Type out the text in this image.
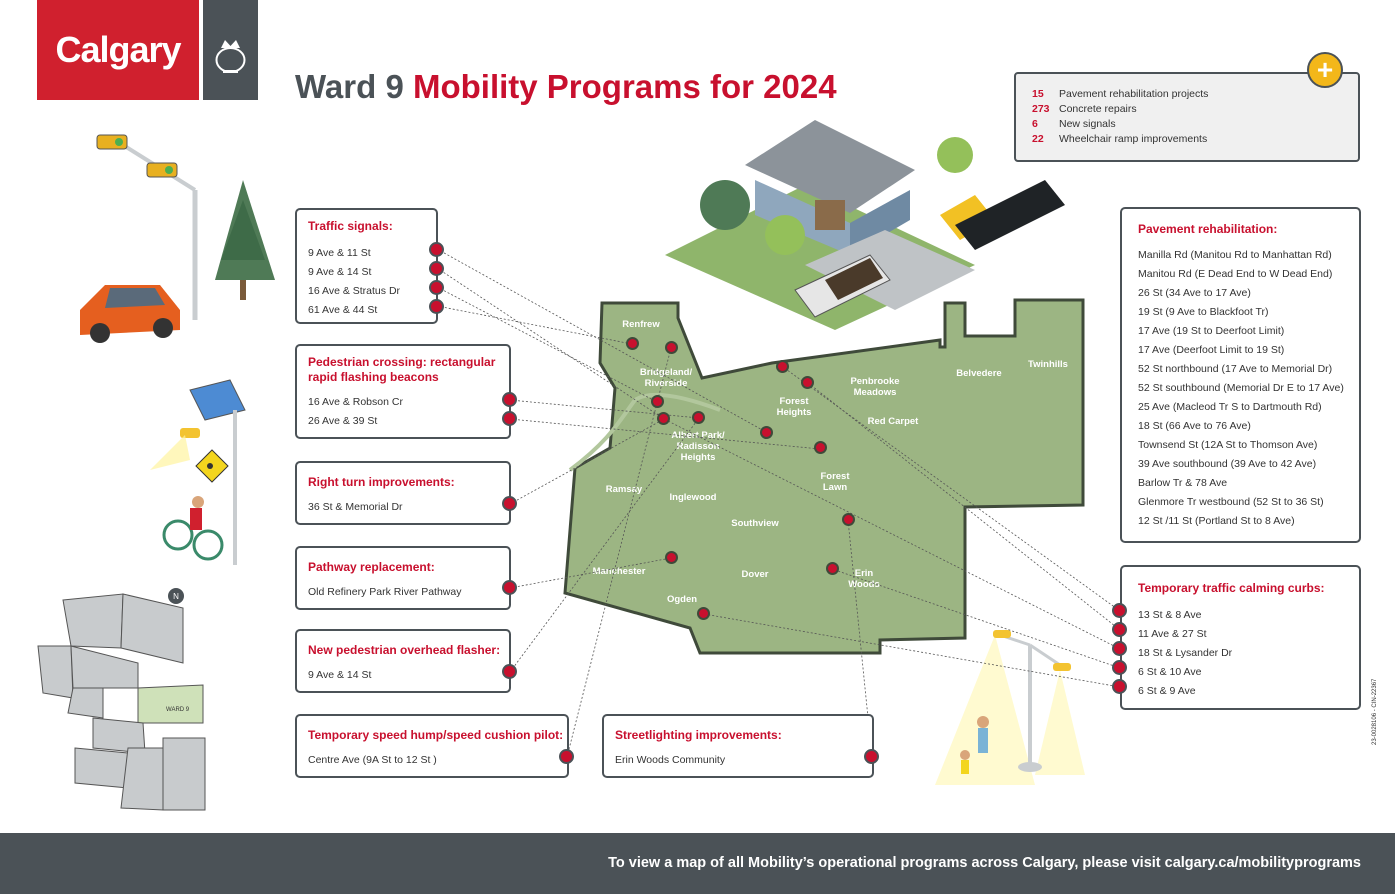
Calgary
Ward 9 Mobility Programs for 2024	15	Pavement rehabilitation projects
273 Concrete repairs
6	New signals
22	Wheelchair ramp improvements
+
N
WARD 9
Renfrew
Bridgeland/ Riverside
Albert Park/ Radisson Heights
Forest Heights
Penbrooke Meadows
Belvedere
Twinhills
Red Carpet
Forest Lawn
Ramsay
Inglewood
Southview
Manchester	Dover	Erin Woods
Ogden
Traffic signals:
9 Ave & 11 St
9 Ave & 14 St
16 Ave & Stratus Dr
61 Ave & 44 St
Pedestrian crossing: rectangular rapid flashing beacons
16 Ave & Robson Cr
26 Ave & 39 St
Right turn improvements:
36 St & Memorial Dr
Pathway replacement:
Old Refinery Park River Pathway
New pedestrian overhead flasher:
9 Ave & 14 St
Temporary speed hump/speed cushion pilot:
Centre Ave (9A St to 12 St )
Streetlighting improvements:
Erin Woods Community
Pavement rehabilitation:
Manilla Rd (Manitou Rd to Manhattan Rd)
Manitou Rd (E Dead End to W Dead End)
26 St (34 Ave to 17 Ave)
19 St (9 Ave to Blackfoot Tr)
17 Ave (19 St to Deerfoot Limit)
17 Ave (Deerfoot Limit to 19 St)
52 St northbound (17 Ave to Memorial Dr)
52 St southbound (Memorial Dr E to 17 Ave)
25 Ave (Macleod Tr S to Dartmouth Rd)
18 St (66 Ave to 76 Ave)
Townsend St (12A St to Thomson Ave)
39 Ave southbound (39 Ave to 42 Ave)
Barlow Tr & 78 Ave
Glenmore Tr westbound (52 St to 36 St)
12 St /11 St (Portland St to 8 Ave)
Temporary traffic calming curbs:
13 St & 8 Ave
11 Ave & 27 St
18 St & Lysander Dr
6 St & 10 Ave
6 St & 9 Ave	23-0028106 - CIN-22367
To view a map of all Mobility’s operational programs across Calgary, please visit calgary.ca/mobilityprograms
